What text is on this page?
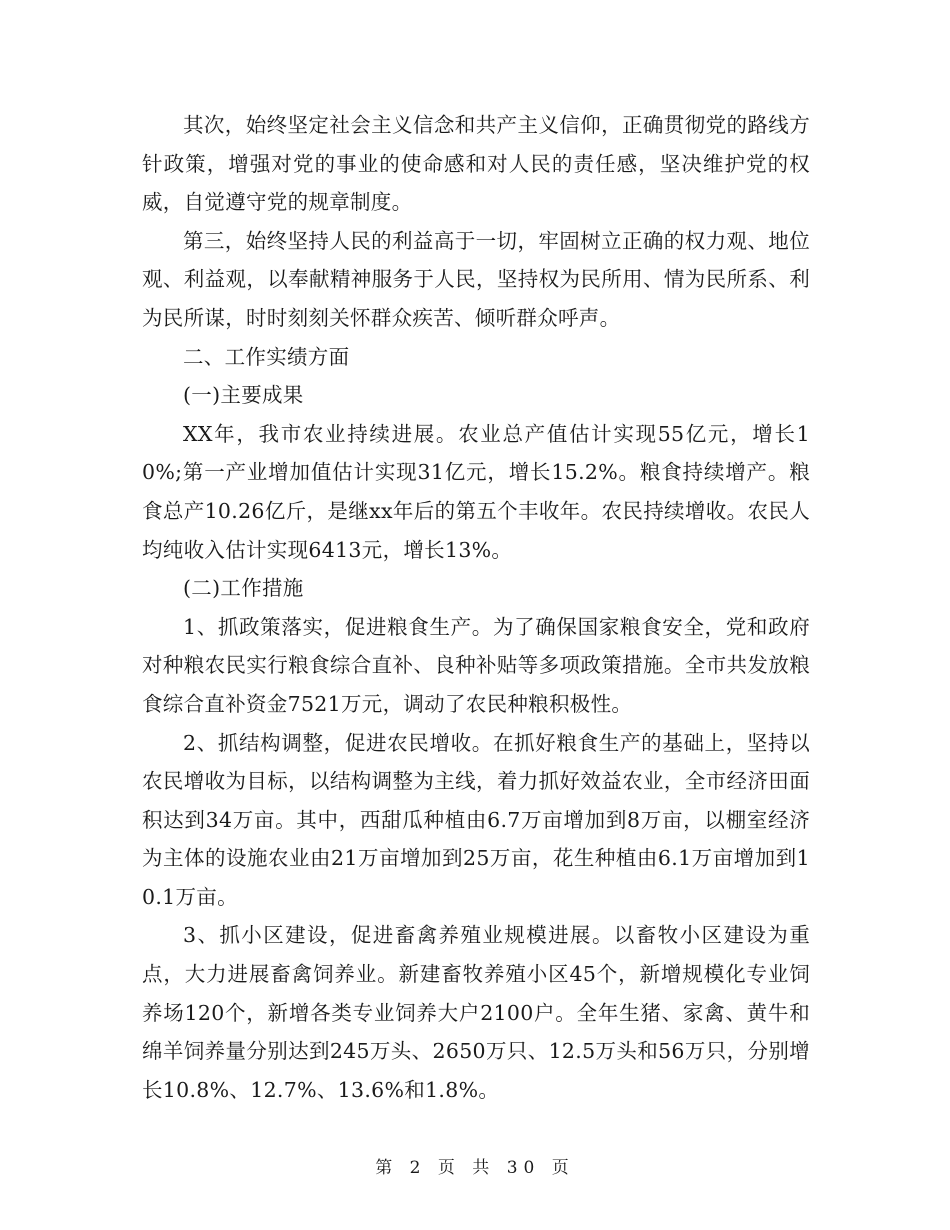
其次，始终坚定社会主义信念和共产主义信仰，正确贯彻党的路线方针政策，增强对党的事业的使命感和对人民的责任感，坚决维护党的权威，自觉遵守党的规章制度。

第三，始终坚持人民的利益高于一切，牢固树立正确的权力观、地位观、利益观，以奉献精神服务于人民，坚持权为民所用、情为民所系、利为民所谋，时时刻刻关怀群众疾苦、倾听群众呼声。

二、工作实绩方面

(一)主要成果

XX年，我市农业持续进展。农业总产值估计实现55亿元，增长10%;第一产业增加值估计实现31亿元，增长15.2%。粮食持续增产。粮食总产10.26亿斤，是继xx年后的第五个丰收年。农民持续增收。农民人均纯收入估计实现6413元，增长13%。

(二)工作措施

1、抓政策落实，促进粮食生产。为了确保国家粮食安全，党和政府对种粮农民实行粮食综合直补、良种补贴等多项政策措施。全市共发放粮食综合直补资金7521万元，调动了农民种粮积极性。

2、抓结构调整，促进农民增收。在抓好粮食生产的基础上，坚持以农民增收为目标，以结构调整为主线，着力抓好效益农业，全市经济田面积达到34万亩。其中，西甜瓜种植由6.7万亩增加到8万亩，以棚室经济为主体的设施农业由21万亩增加到25万亩，花生种植由6.1万亩增加到10.1万亩。

3、抓小区建设，促进畜禽养殖业规模进展。以畜牧小区建设为重点，大力进展畜禽饲养业。新建畜牧养殖小区45个，新增规模化专业饲养场120个，新增各类专业饲养大户2100户。全年生猪、家禽、黄牛和绵羊饲养量分别达到245万头、2650万只、12.5万头和56万只，分别增长10.8%、12.7%、13.6%和1.8%。

第 2 页 共 30 页
